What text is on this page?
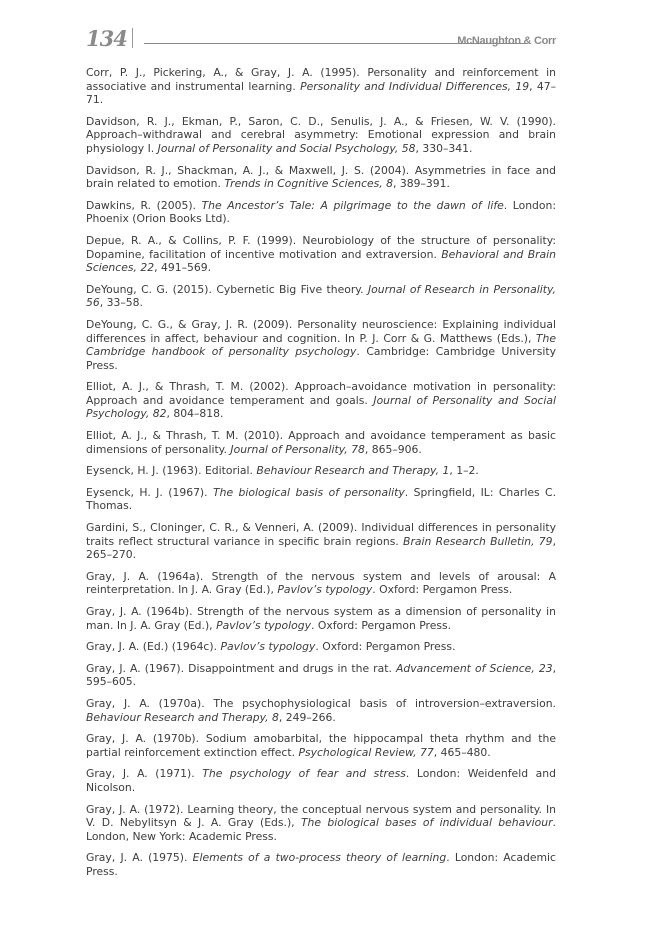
134	McNaughton & Corr

Corr, P. J., Pickering, A., & Gray, J. A. (1995). Personality and reinforcement in associative and instrumental learning. Personality and Individual Differences, 19, 47–71.

Davidson, R. J., Ekman, P., Saron, C. D., Senulis, J. A., & Friesen, W. V. (1990). Approach–withdrawal and cerebral asymmetry: Emotional expression and brain physiology I. Journal of Personality and Social Psychology, 58, 330–341.

Davidson, R. J., Shackman, A. J., & Maxwell, J. S. (2004). Asymmetries in face and brain related to emotion. Trends in Cognitive Sciences, 8, 389–391.

Dawkins, R. (2005). The Ancestor’s Tale: A pilgrimage to the dawn of life. London: Phoenix (Orion Books Ltd).

Depue, R. A., & Collins, P. F. (1999). Neurobiology of the structure of personality: Dopamine, facilitation of incentive motivation and extraversion. Behavioral and Brain Sciences, 22, 491–569.

DeYoung, C. G. (2015). Cybernetic Big Five theory. Journal of Research in Personality, 56, 33–58.

DeYoung, C. G., & Gray, J. R. (2009). Personality neuroscience: Explaining individual differences in affect, behaviour and cognition. In P. J. Corr & G. Matthews (Eds.), The Cambridge handbook of personality psychology. Cambridge: Cambridge University Press.

Elliot, A. J., & Thrash, T. M. (2002). Approach–avoidance motivation in personality: Approach and avoidance temperament and goals. Journal of Personality and Social Psychology, 82, 804–818.

Elliot, A. J., & Thrash, T. M. (2010). Approach and avoidance temperament as basic dimensions of personality. Journal of Personality, 78, 865–906.

Eysenck, H. J. (1963). Editorial. Behaviour Research and Therapy, 1, 1–2.

Eysenck, H. J. (1967). The biological basis of personality. Springfield, IL: Charles C. Thomas.

Gardini, S., Cloninger, C. R., & Venneri, A. (2009). Individual differences in personality traits reflect structural variance in specific brain regions. Brain Research Bulletin, 79, 265–270.

Gray, J. A. (1964a). Strength of the nervous system and levels of arousal: A reinterpretation. In J. A. Gray (Ed.), Pavlov’s typology. Oxford: Pergamon Press.

Gray, J. A. (1964b). Strength of the nervous system as a dimension of personality in man. In J. A. Gray (Ed.), Pavlov’s typology. Oxford: Pergamon Press.

Gray, J. A. (Ed.) (1964c). Pavlov’s typology. Oxford: Pergamon Press.

Gray, J. A. (1967). Disappointment and drugs in the rat. Advancement of Science, 23, 595–605.

Gray, J. A. (1970a). The psychophysiological basis of introversion–extraversion. Behaviour Research and Therapy, 8, 249–266.

Gray, J. A. (1970b). Sodium amobarbital, the hippocampal theta rhythm and the partial reinforcement extinction effect. Psychological Review, 77, 465–480.

Gray, J. A. (1971). The psychology of fear and stress. London: Weidenfeld and Nicolson.

Gray, J. A. (1972). Learning theory, the conceptual nervous system and personality. In V. D. Nebylitsyn & J. A. Gray (Eds.), The biological bases of individual behaviour. London, New York: Academic Press.

Gray, J. A. (1975). Elements of a two-process theory of learning. London: Academic Press.
